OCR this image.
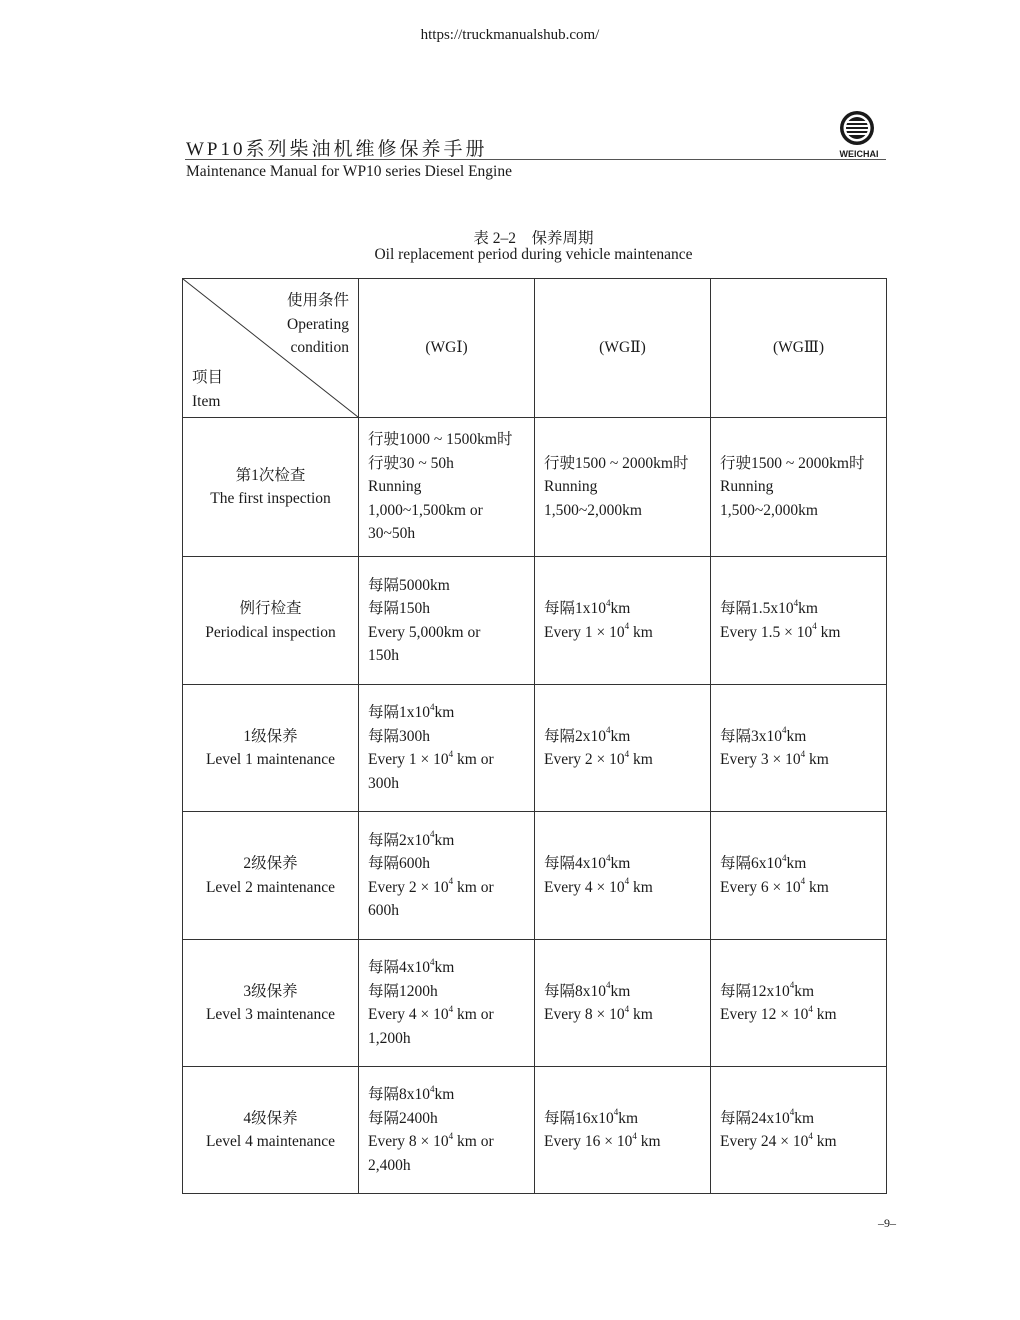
https://truckmanualshub.com/
WP10系列柴油机维修保养手册
Maintenance Manual for WP10 series Diesel Engine
WEICHAI
表 2–2　保养周期
Oil replacement period during vehicle maintenance
使用条件
Operating
condition
项目
Item	(WGⅠ)	(WGⅡ)	(WGⅢ)

第1次检查
The first inspection	行驶1000 ~ 1500km时
行驶30 ~ 50h
Running
1,000~1,500km or
30~50h	行驶1500 ~ 2000km时
Running
1,500~2,000km	行驶1500 ~ 2000km时
Running
1,500~2,000km

例行检查
Periodical inspection	每隔5000km
每隔150h
Every 5,000km or
150h	每隔$1x10^4km$
Every $1 \times 10^4$ km	每隔$1.5x10^4km$
Every $1.5 \times 10^4$ km

1级保养
Level 1 maintenance	每隔$1x10^4km$
每隔300h
Every $1 \times 10^4$ km or
300h	每隔$2x10^4km$
Every $2 \times 10^4$ km	每隔$3x10^4km$
Every $3 \times 10^4$ km

2级保养
Level 2 maintenance	每隔$2x10^4km$
每隔600h
Every $2 \times 10^4$ km or
600h	每隔$4x10^4km$
Every $4 \times 10^4$ km	每隔$6x10^4km$
Every $6 \times 10^4$ km

3级保养
Level 3 maintenance	每隔$4x10^4km$
每隔1200h
Every $4 \times 10^4$ km or
1,200h	每隔$8x10^4km$
Every $8 \times 10^4$ km	每隔$12x10^4km$
Every $12 \times 10^4$ km

4级保养
Level 4 maintenance	每隔$8x10^4km$
每隔2400h
Every $8 \times 10^4$ km or
2,400h	每隔$16x10^4km$
Every $16 \times 10^4$ km	每隔$24x10^4km$
Every $24 \times 10^4$ km
–9–
